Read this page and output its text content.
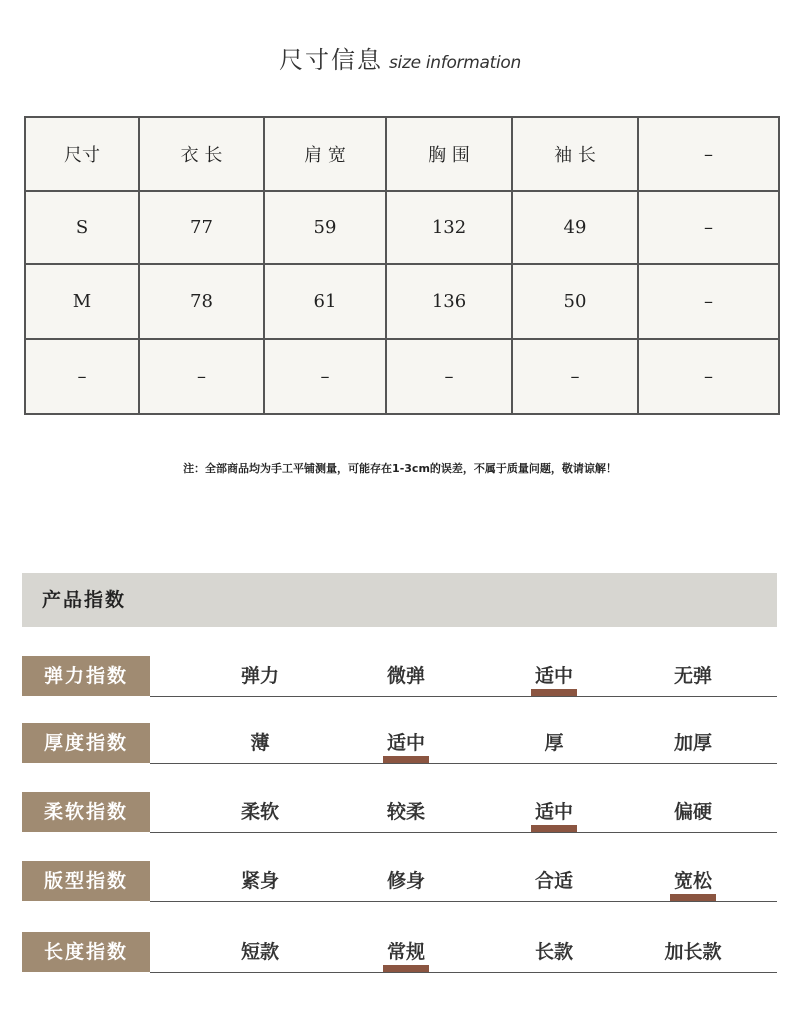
尺寸信息 size information
尺寸	衣 长	肩 宽	胸 围	袖 长	–
S	77	59	132	49	–
M	78	61	136	50	–
–	–	–	–	–	–
注：全部商品均为手工平铺测量，可能存在1-3cm的误差，不属于质量问题，敬请谅解！
产品指数
弹力指数	弹力	微弹	适中	无弹
厚度指数	薄	适中	厚	加厚
柔软指数	柔软	较柔	适中	偏硬
版型指数	紧身	修身	合适	宽松
长度指数	短款	常规	长款	加长款
